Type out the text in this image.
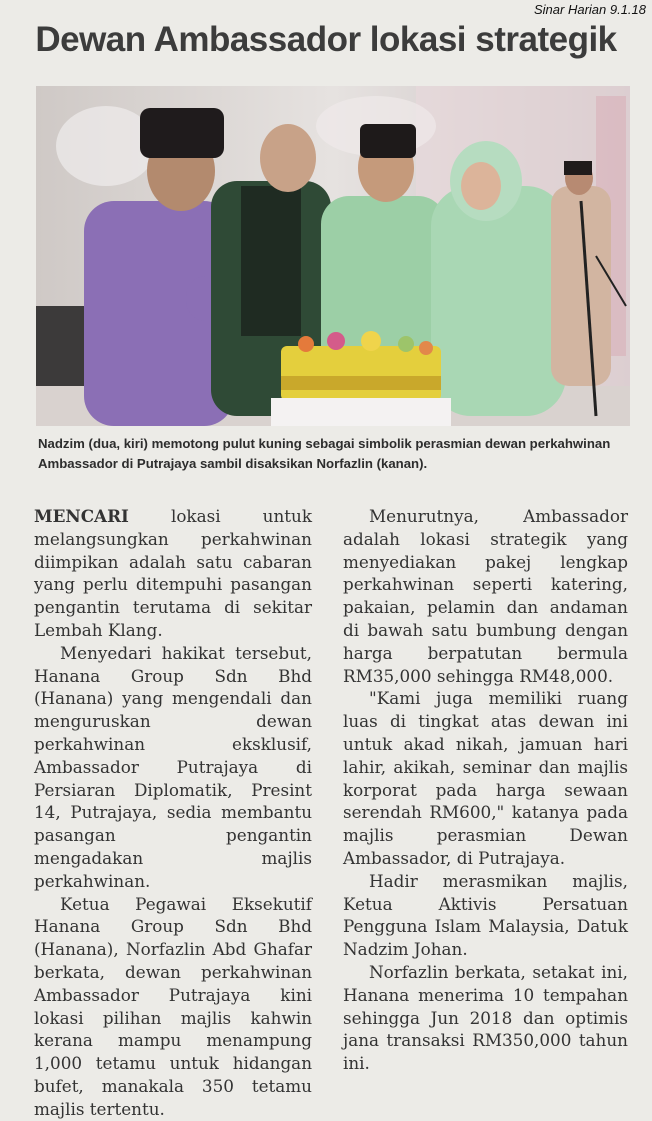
Sinar Harian 9.1.18
Dewan Ambassador lokasi strategik
Nadzim (dua, kiri) memotong pulut kuning sebagai simbolik perasmian dewan perkahwinan Ambassador di Putrajaya sambil disaksikan Norfazlin (kanan).

MENCARI lokasi untuk melangsungkan perkahwinan diimpikan adalah satu cabaran yang perlu ditempuhi pasangan pengantin terutama di sekitar Lembah Klang.

Menyedari hakikat tersebut, Hanana Group Sdn Bhd (Hanana) yang mengendali dan menguruskan dewan perkahwinan eksklusif, Ambassador Putrajaya di Persiaran Diplomatik, Presint 14, Putrajaya, sedia membantu pasangan pengantin mengadakan majlis perkahwinan.

Ketua Pegawai Eksekutif Hanana Group Sdn Bhd (Hanana), Norfazlin Abd Ghafar berkata, dewan perkahwinan Ambassador Putrajaya kini lokasi pilihan majlis kahwin kerana mampu menampung 1,000 tetamu untuk hidangan bufet, manakala 350 tetamu majlis tertentu.

Menurutnya, Ambassador adalah lokasi strategik yang menyediakan pakej lengkap perkahwinan seperti katering, pakaian, pelamin dan andaman di bawah satu bumbung dengan harga berpatutan bermula RM35,000 sehingga RM48,000.

"Kami juga memiliki ruang luas di tingkat atas dewan ini untuk akad nikah, jamuan hari lahir, akikah, seminar dan majlis korporat pada harga sewaan serendah RM600," katanya pada majlis perasmian Dewan Ambassador, di Putrajaya.

Hadir merasmikan majlis, Ketua Aktivis Persatuan Pengguna Islam Malaysia, Datuk Nadzim Johan.

Norfazlin berkata, setakat ini, Hanana menerima 10 tempahan sehingga Jun 2018 dan optimis jana transaksi RM350,000 tahun ini.
